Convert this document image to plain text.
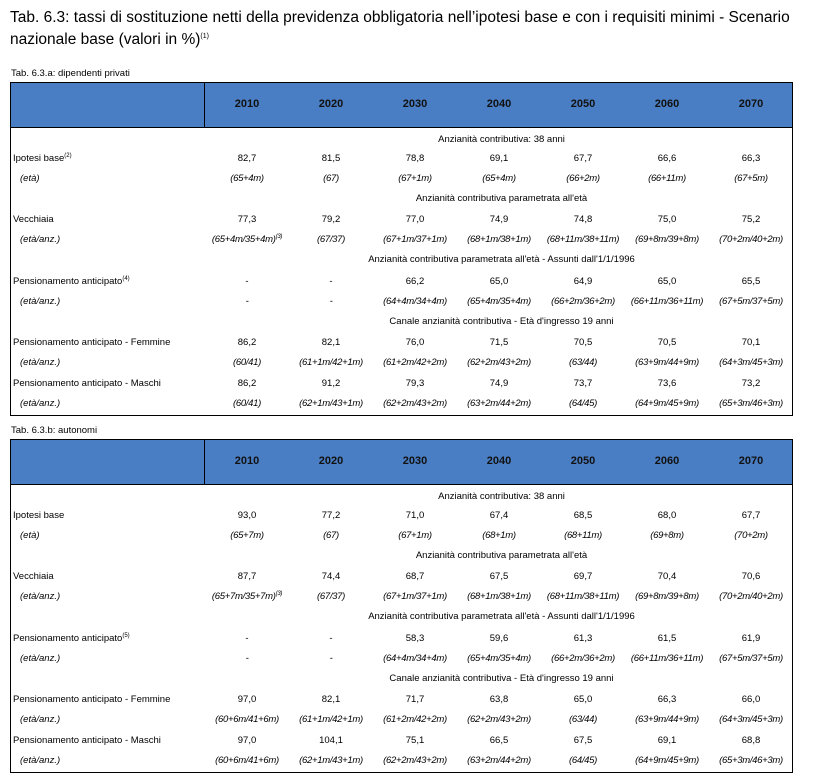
Tab. 6.3: tassi di sostituzione netti della previdenza obbligatoria nell’ipotesi base e con i requisiti minimi - Scenario nazionale base (valori in %)$^{(1)}$
Tab. 6.3.a: dipendenti privati
2010	2020	2030	2040	2050	2060	2070
Anzianità contributiva: 38 anni
Ipotesi base$^{(2)}$	82,7	81,5	78,8	69,1	67,7	66,6	66,3
(età)	(65+4m)	(67)	(67+1m)	(65+4m)	(66+2m)	(66+11m)	(67+5m)
Anzianità contributiva parametrata all'età
Vecchiaia	77,3	79,2	77,0	74,9	74,8	75,0	75,2
(età/anz.)	$(65+4m/35+4m)^{(3)}$	(67/37)	(67+1m/37+1m)	(68+1m/38+1m)	(68+11m/38+11m)	(69+8m/39+8m)	(70+2m/40+2m)
Anzianità contributiva parametrata all'età - Assunti dall'1/1/1996
Pensionamento anticipato$^{(4)}$	-	-	66,2	65,0	64,9	65,0	65,5
(età/anz.)	-	-	(64+4m/34+4m)	(65+4m/35+4m)	(66+2m/36+2m)	(66+11m/36+11m)	(67+5m/37+5m)
Canale anzianità contributiva - Età d'ingresso 19 anni
Pensionamento anticipato - Femmine	86,2	82,1	76,0	71,5	70,5	70,5	70,1
(età/anz.)	(60/41)	(61+1m/42+1m)	(61+2m/42+2m)	(62+2m/43+2m)	(63/44)	(63+9m/44+9m)	(64+3m/45+3m)
Pensionamento anticipato - Maschi	86,2	91,2	79,3	74,9	73,7	73,6	73,2
(età/anz.)	(60/41)	(62+1m/43+1m)	(62+2m/43+2m)	(63+2m/44+2m)	(64/45)	(64+9m/45+9m)	(65+3m/46+3m)
Tab. 6.3.b: autonomi
2010	2020	2030	2040	2050	2060	2070
Anzianità contributiva: 38 anni
Ipotesi base	93,0	77,2	71,0	67,4	68,5	68,0	67,7
(età)	(65+7m)	(67)	(67+1m)	(68+1m)	(68+11m)	(69+8m)	(70+2m)
Anzianità contributiva parametrata all'età
Vecchiaia	87,7	74,4	68,7	67,5	69,7	70,4	70,6
(età/anz.)	$(65+7m/35+7m)^{(3)}$	(67/37)	(67+1m/37+1m)	(68+1m/38+1m)	(68+11m/38+11m)	(69+8m/39+8m)	(70+2m/40+2m)
Anzianità contributiva parametrata all'età - Assunti dall'1/1/1996
Pensionamento anticipato$^{(5)}$	-	-	58,3	59,6	61,3	61,5	61,9
(età/anz.)	-	-	(64+4m/34+4m)	(65+4m/35+4m)	(66+2m/36+2m)	(66+11m/36+11m)	(67+5m/37+5m)
Canale anzianità contributiva - Età d'ingresso 19 anni
Pensionamento anticipato - Femmine	97,0	82,1	71,7	63,8	65,0	66,3	66,0
(età/anz.)	(60+6m/41+6m)	(61+1m/42+1m)	(61+2m/42+2m)	(62+2m/43+2m)	(63/44)	(63+9m/44+9m)	(64+3m/45+3m)
Pensionamento anticipato - Maschi	97,0	104,1	75,1	66,5	67,5	69,1	68,8
(età/anz.)	(60+6m/41+6m)	(62+1m/43+1m)	(62+2m/43+2m)	(63+2m/44+2m)	(64/45)	(64+9m/45+9m)	(65+3m/46+3m)
